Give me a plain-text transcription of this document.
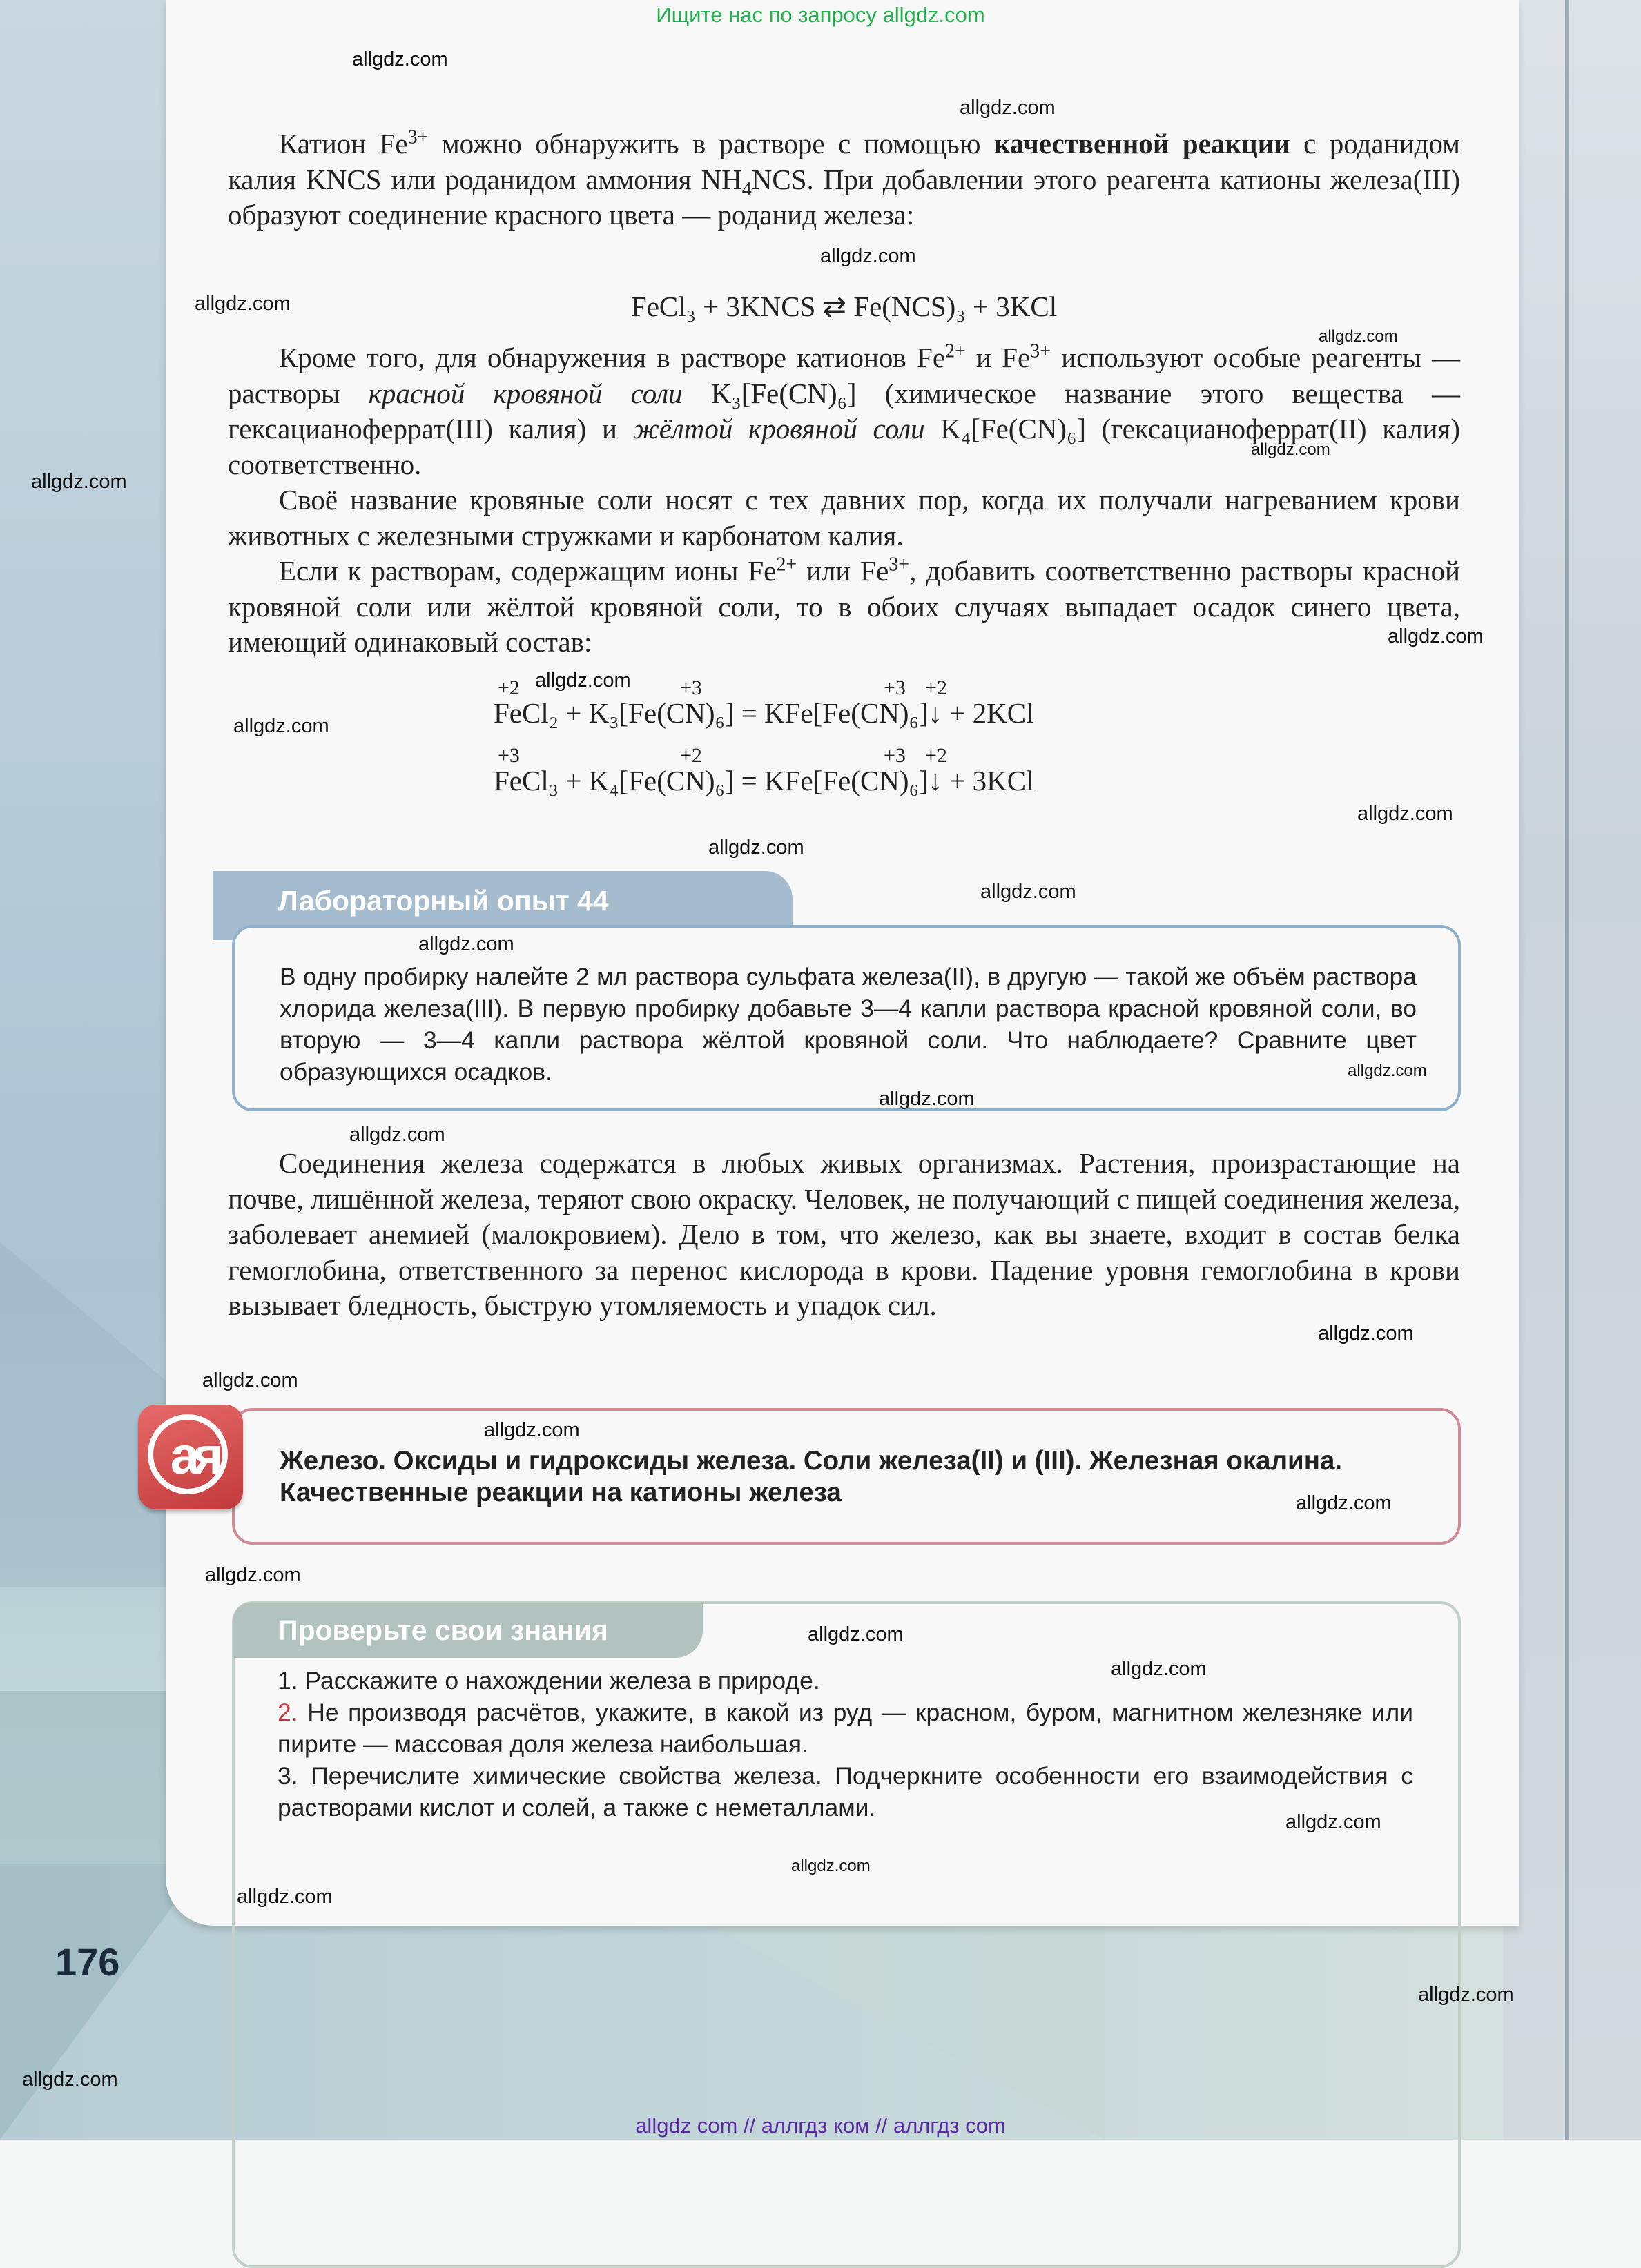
Ищите нас по запросу allgdz.com

Катион $Fe^{3+}$ можно обнаружить в растворе с помощью качественной реакции с роданидом калия KNCS или роданидом аммония $NH_4NCS$. При добавлении этого реагента катионы железа(III) образуют соединение красного цвета — роданид железа:

FeCl₃ + 3KNCS ⇄ Fe(NCS)₃ + 3KCl

Кроме того, для обнаружения в растворе катионов $Fe^{2+}$ и $Fe^{3+}$ используют особые реагенты — растворы красной кровяной соли K₃[Fe(CN)₆] (химическое название этого вещества — гексацианоферрат(III) калия) и жёлтой кровяной соли K₄[Fe(CN)₆] (гексацианоферрат(II) калия) соответственно.

Своё название кровяные соли носят с тех давних пор, когда их получали нагреванием крови животных с железными стружками и карбонатом калия.

Если к растворам, содержащим ионы $Fe^{2+}$ или $Fe^{3+}$, добавить соответственно растворы красной кровяной соли или жёлтой кровяной соли, то в обоих случаях выпадает осадок синего цвета, имеющий одинаковый состав:

+2	+3	+3 +2
FeCl₂ + K₃[Fe(CN)₆] = KFe[Fe(CN)₆]↓ + 2KCl
+3	+2	+3 +2
FeCl₃ + K₄[Fe(CN)₆] = KFe[Fe(CN)₆]↓ + 3KCl
Лабораторный опыт 44
В одну пробирку налейте 2 мл раствора сульфата железа(II), в другую — такой же объём раствора хлорида железа(III). В первую пробирку добавьте 3—4 капли раствора красной кровяной соли, во вторую — 3—4 капли раствора жёлтой кровяной соли. Что наблюдаете? Сравните цвет образующихся осадков.

Соединения железа содержатся в любых живых организмах. Растения, произрастающие на почве, лишённой железа, теряют свою окраску. Человек, не получающий с пищей соединения железа, заболевает анемией (малокровием). Дело в том, что железо, как вы знаете, входит в состав белка гемоглобина, ответственного за перенос кислорода в крови. Падение уровня гемоглобина в крови вызывает бледность, быструю утомляемость и упадок сил.

Железо. Оксиды и гидроксиды железа. Соли железа(II) и (III). Железная окалина. Качественные реакции на катионы железа
ая
Проверьте свои знания

1. Расскажите о нахождении железа в природе.

2. Не производя расчётов, укажите, в какой из руд — красном, буром, магнитном железняке или пирите — массовая доля железа наибольшая.

3. Перечислите химические свойства железа. Подчеркните особенности его взаимодействия с растворами кислот и солей, а также с неметаллами.

176
allgdz.com
allgdz.com
allgdz.com
allgdz.com
allgdz.com
allgdz.com
allgdz.com
allgdz.com
allgdz.com
allgdz.com
allgdz.com
allgdz.com
allgdz.com
allgdz.com
allgdz.com
allgdz.com
allgdz.com
allgdz.com
allgdz.com
allgdz.com
allgdz.com
allgdz.com
allgdz.com
allgdz.com
allgdz.com
allgdz.com
allgdz.com
allgdz.com
allgdz.com
allgdz com // аллгдз ком // аллгдз com
